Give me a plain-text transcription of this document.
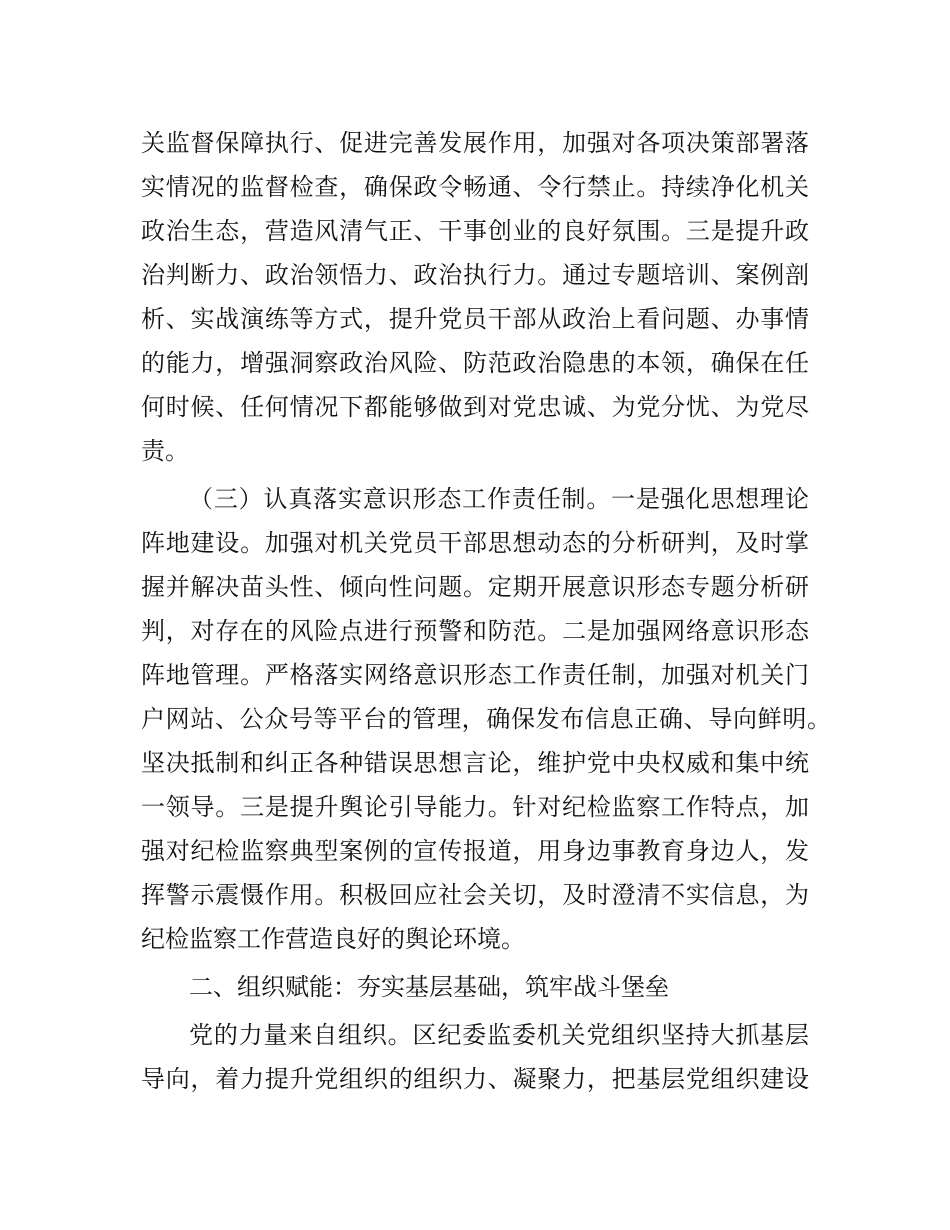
关监督保障执行、促进完善发展作用，加强对各项决策部署落
实情况的监督检查，确保政令畅通、令行禁止。持续净化机关
政治生态，营造风清气正、干事创业的良好氛围。三是提升政
治判断力、政治领悟力、政治执行力。通过专题培训、案例剖
析、实战演练等方式，提升党员干部从政治上看问题、办事情
的能力，增强洞察政治风险、防范政治隐患的本领，确保在任
何时候、任何情况下都能够做到对党忠诚、为党分忧、为党尽
责。
（三）认真落实意识形态工作责任制。一是强化思想理论
阵地建设。加强对机关党员干部思想动态的分析研判，及时掌
握并解决苗头性、倾向性问题。定期开展意识形态专题分析研
判，对存在的风险点进行预警和防范。二是加强网络意识形态
阵地管理。严格落实网络意识形态工作责任制，加强对机关门
户网站、公众号等平台的管理，确保发布信息正确、导向鲜明。
坚决抵制和纠正各种错误思想言论，维护党中央权威和集中统
一领导。三是提升舆论引导能力。针对纪检监察工作特点，加
强对纪检监察典型案例的宣传报道，用身边事教育身边人，发
挥警示震慑作用。积极回应社会关切，及时澄清不实信息，为
纪检监察工作营造良好的舆论环境。
二、组织赋能：夯实基层基础，筑牢战斗堡垒
党的力量来自组织。区纪委监委机关党组织坚持大抓基层
导向，着力提升党组织的组织力、凝聚力，把基层党组织建设
